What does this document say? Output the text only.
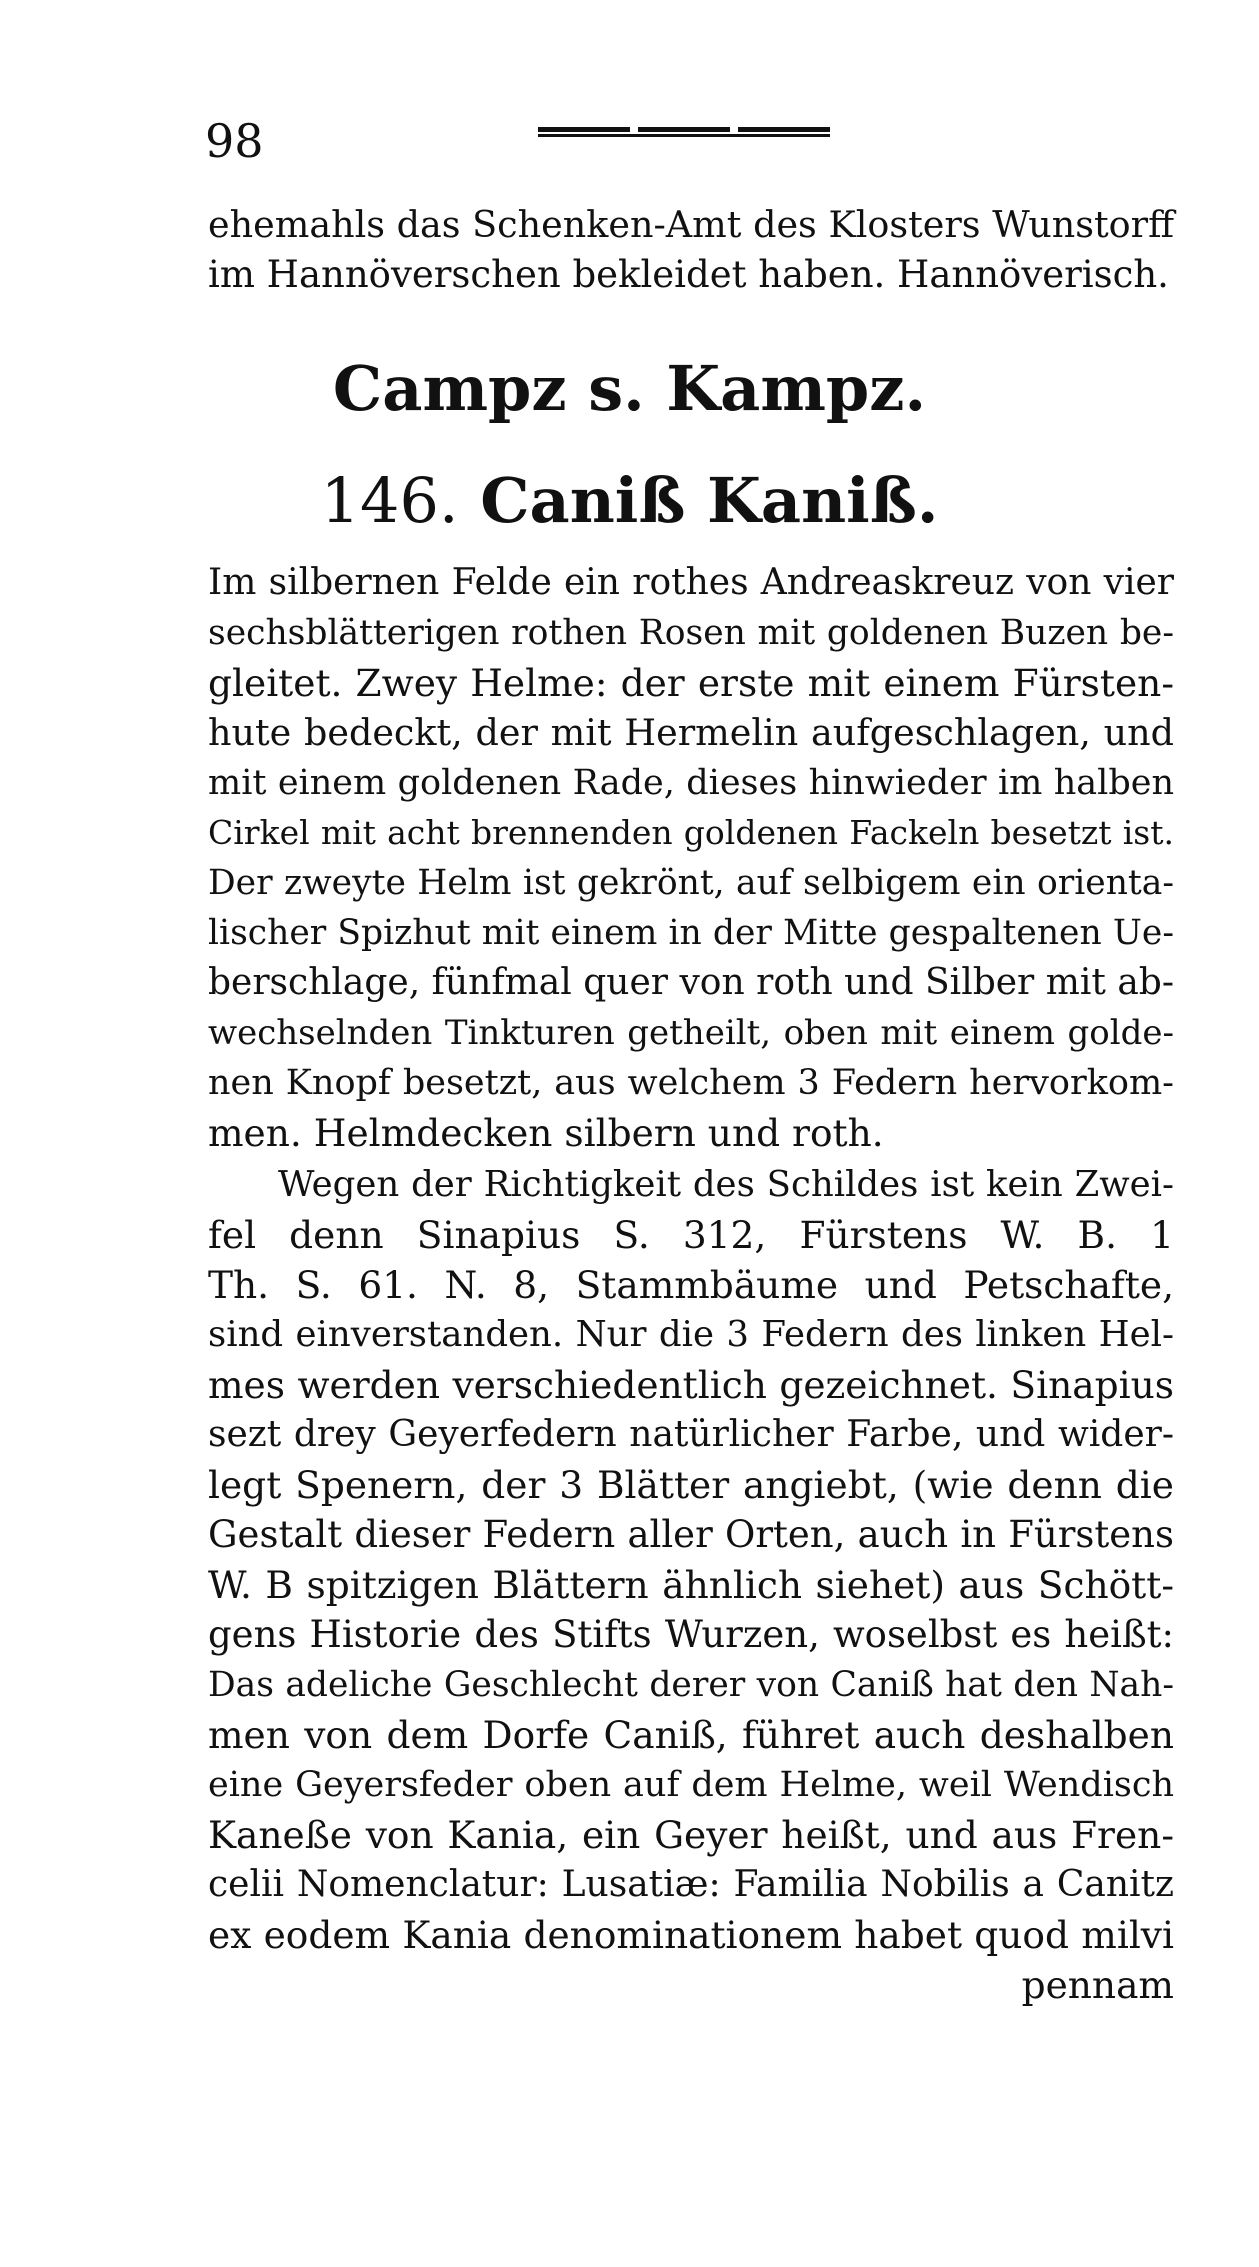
98
ehemahls das Schenken-Amt des Klosters Wunstorff
im Hannöverschen bekleidet haben. Hannöverisch.
Campz s. Kampz.
146. Caniß Kaniß.
Im silbernen Felde ein rothes Andreaskreuz von vier
sechsblätterigen rothen Rosen mit goldenen Buzen be-
gleitet. Zwey Helme: der erste mit einem Fürsten-
hute bedeckt, der mit Hermelin aufgeschlagen, und
mit einem goldenen Rade, dieses hinwieder im halben
Cirkel mit acht brennenden goldenen Fackeln besetzt ist.
Der zweyte Helm ist gekrönt, auf selbigem ein orienta-
lischer Spizhut mit einem in der Mitte gespaltenen Ue-
berschlage, fünfmal quer von roth und Silber mit ab-
wechselnden Tinkturen getheilt, oben mit einem golde-
nen Knopf besetzt, aus welchem 3 Federn hervorkom-
men. Helmdecken silbern und roth.
Wegen der Richtigkeit des Schildes ist kein Zwei-
fel denn Sinapius S. 312, Fürstens W. B. 1
Th. S. 61. N. 8, Stammbäume und Petschafte,
sind einverstanden. Nur die 3 Federn des linken Hel-
mes werden verschiedentlich gezeichnet. Sinapius
sezt drey Geyerfedern natürlicher Farbe, und wider-
legt Spenern, der 3 Blätter angiebt, (wie denn die
Gestalt dieser Federn aller Orten, auch in Fürstens
W. B spitzigen Blättern ähnlich siehet) aus Schött-
gens Historie des Stifts Wurzen, woselbst es heißt:
Das adeliche Geschlecht derer von Caniß hat den Nah-
men von dem Dorfe Caniß, führet auch deshalben
eine Geyersfeder oben auf dem Helme, weil Wendisch
Kaneße von Kania, ein Geyer heißt, und aus Fren-
celii Nomenclatur: Lusatiæ: Familia Nobilis a Canitz
ex eodem Kania denominationem habet quod milvi
pennam
